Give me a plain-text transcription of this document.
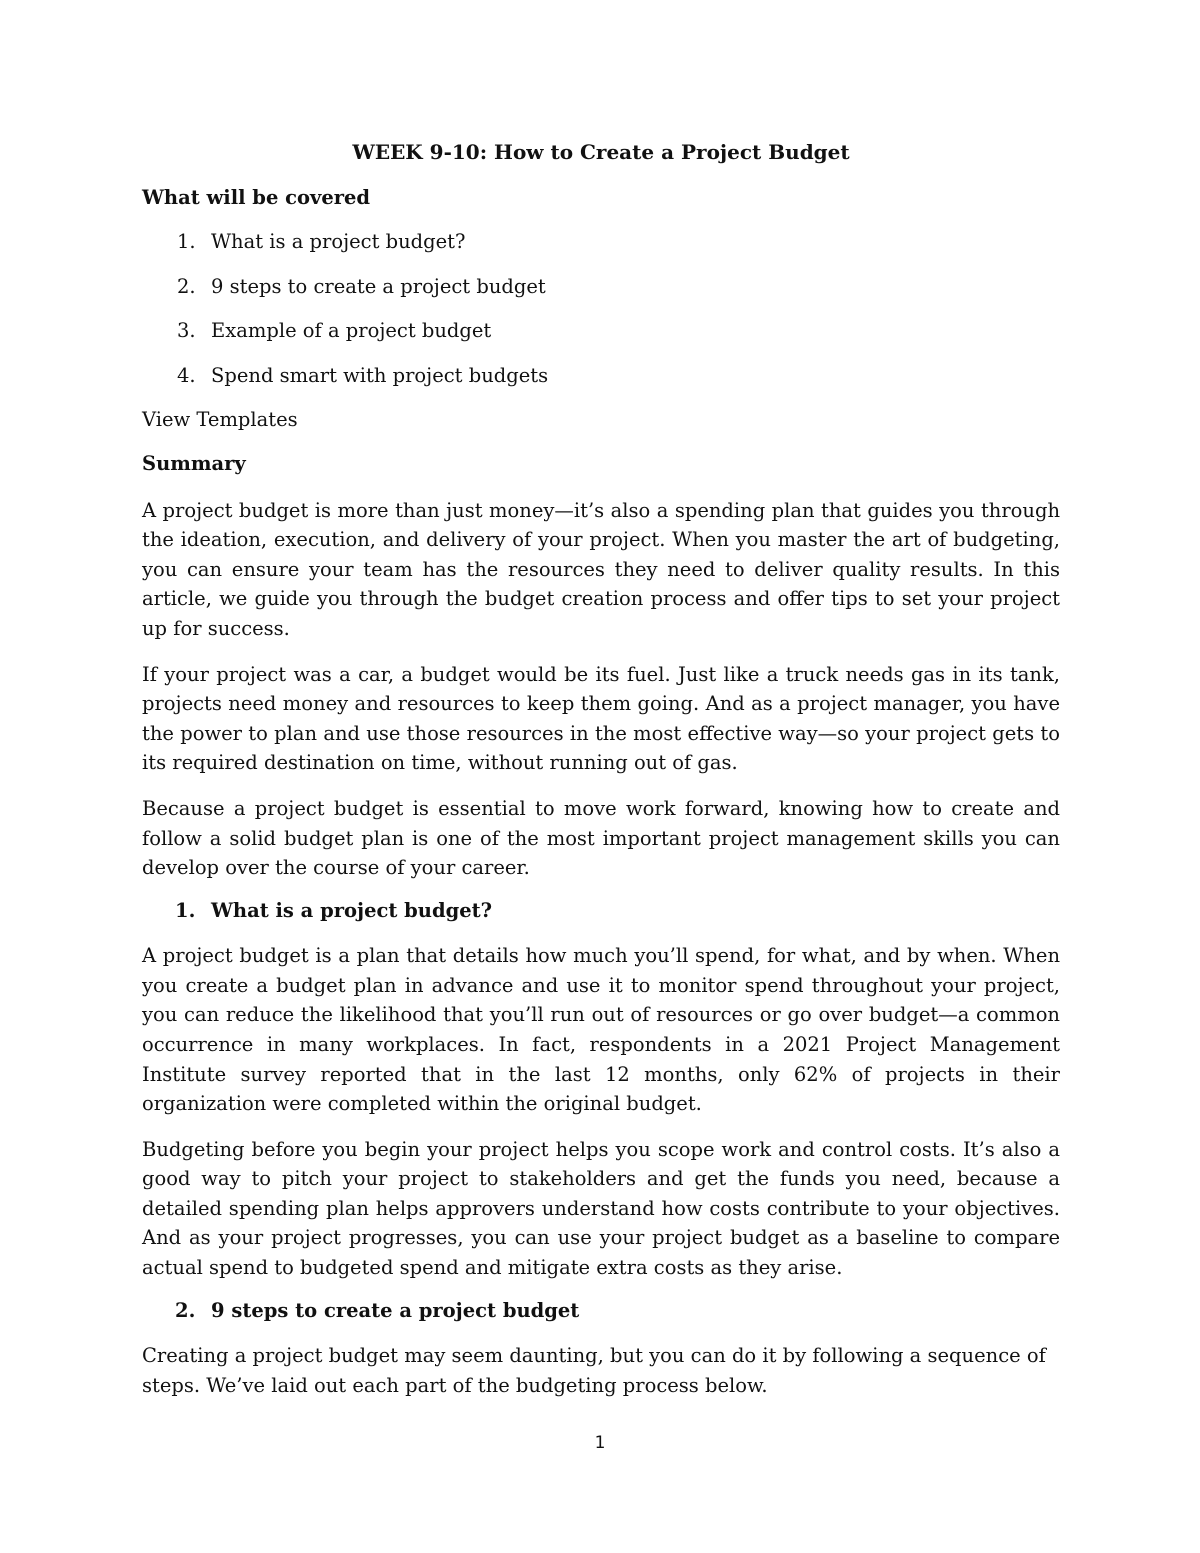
WEEK 9-10: How to Create a Project Budget
What will be covered
1. What is a project budget?
2. 9 steps to create a project budget
3. Example of a project budget
4. Spend smart with project budgets

View Templates

Summary

A project budget is more than just money—it’s also a spending plan that guides you through the ideation, execution, and delivery of your project. When you master the art of budgeting, you can ensure your team has the resources they need to deliver quality results. In this article, we guide you through the budget creation process and offer tips to set your project up for success.

If your project was a car, a budget would be its fuel. Just like a truck needs gas in its tank, projects need money and resources to keep them going. And as a project manager, you have the power to plan and use those resources in the most effective way—so your project gets to its required destination on time, without running out of gas.

Because a project budget is essential to move work forward, knowing how to create and follow a solid budget plan is one of the most important project management skills you can develop over the course of your career.

1. What is a project budget?

A project budget is a plan that details how much you’ll spend, for what, and by when. When you create a budget plan in advance and use it to monitor spend throughout your project, you can reduce the likelihood that you’ll run out of resources or go over budget—a common occurrence in many workplaces. In fact, respondents in a 2021 Project Management Institute survey reported that in the last 12 months, only 62% of projects in their organization were completed within the original budget.

Budgeting before you begin your project helps you scope work and control costs. It’s also a good way to pitch your project to stakeholders and get the funds you need, because a detailed spending plan helps approvers understand how costs contribute to your objectives. And as your project progresses, you can use your project budget as a baseline to compare actual spend to budgeted spend and mitigate extra costs as they arise.

2. 9 steps to create a project budget

Creating a project budget may seem daunting, but you can do it by following a sequence of steps. We’ve laid out each part of the budgeting process below.

1
